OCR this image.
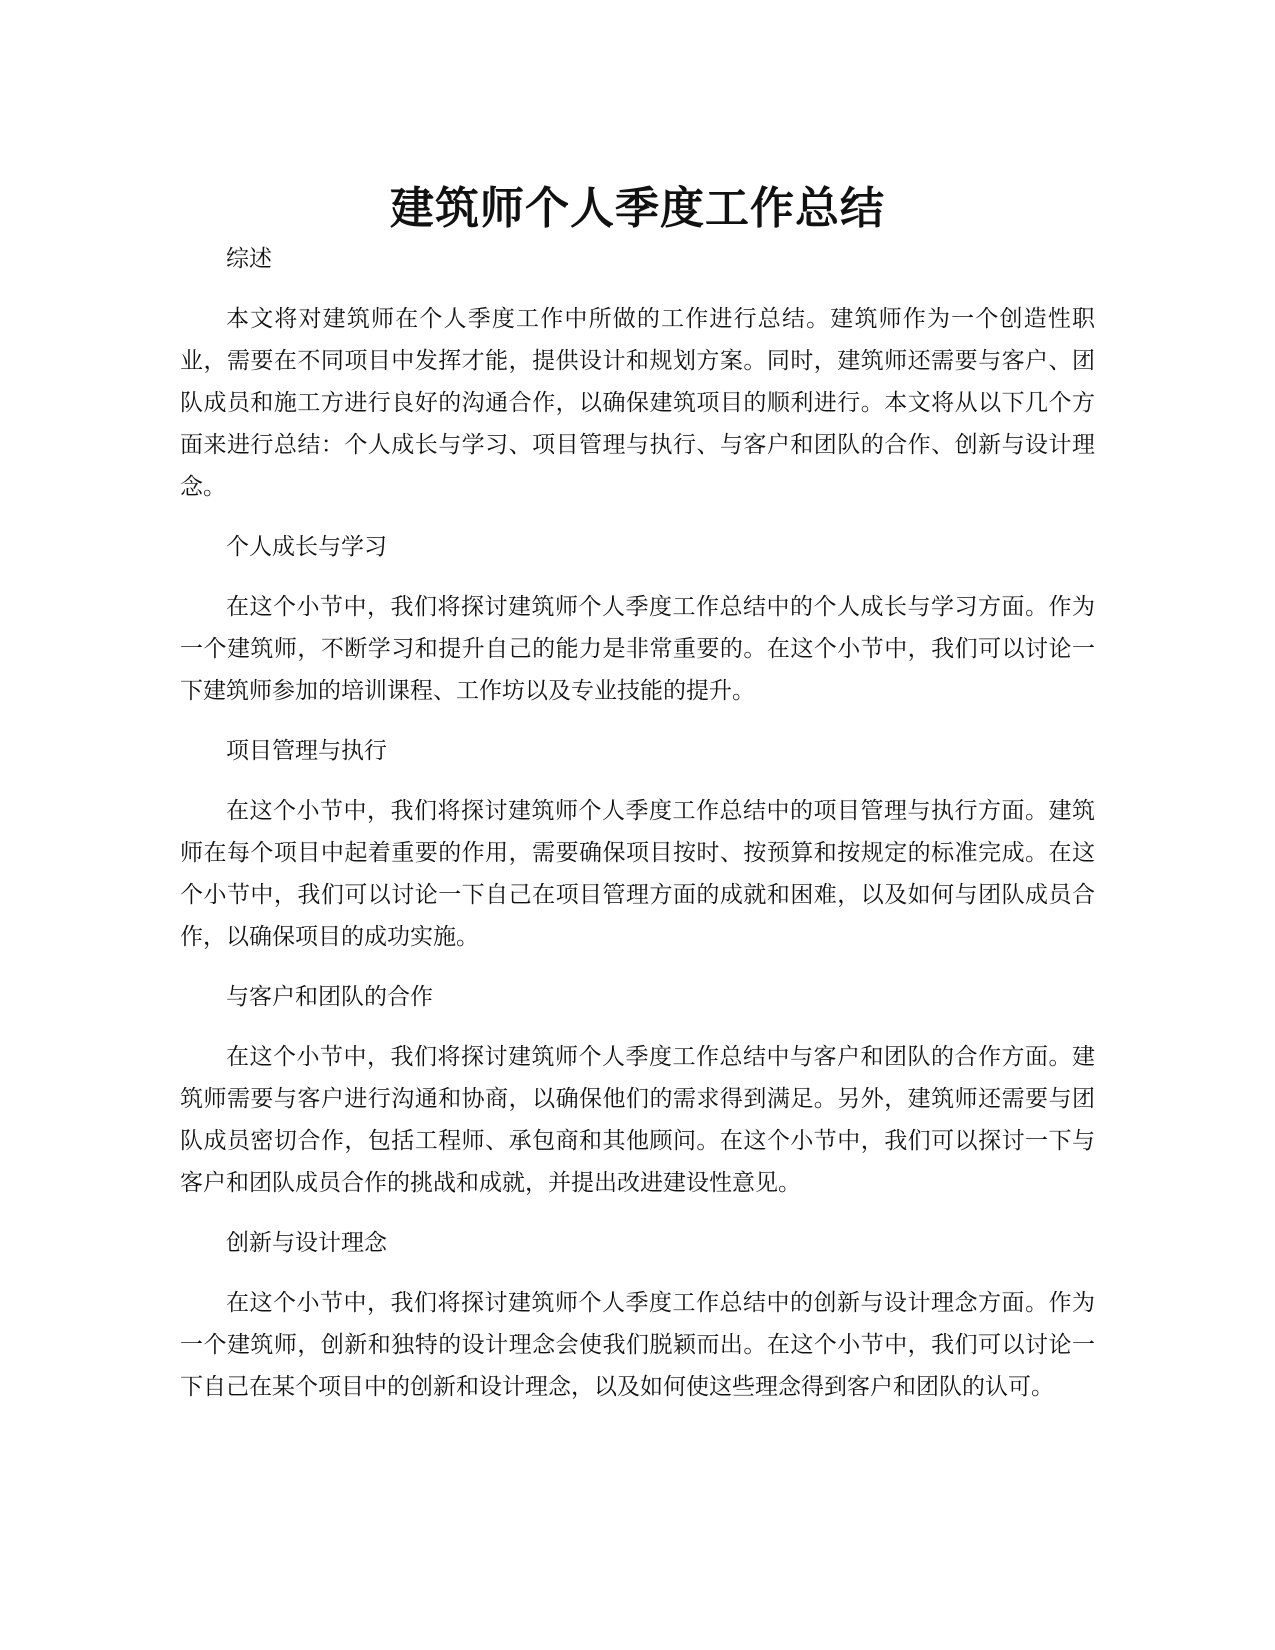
建筑师个人季度工作总结

综述

本文将对建筑师在个人季度工作中所做的工作进行总结。建筑师作为一个创造性职业，需要在不同项目中发挥才能，提供设计和规划方案。同时，建筑师还需要与客户、团队成员和施工方进行良好的沟通合作，以确保建筑项目的顺利进行。本文将从以下几个方面来进行总结：个人成长与学习、项目管理与执行、与客户和团队的合作、创新与设计理念。

个人成长与学习

在这个小节中，我们将探讨建筑师个人季度工作总结中的个人成长与学习方面。作为一个建筑师，不断学习和提升自己的能力是非常重要的。在这个小节中，我们可以讨论一下建筑师参加的培训课程、工作坊以及专业技能的提升。

项目管理与执行

在这个小节中，我们将探讨建筑师个人季度工作总结中的项目管理与执行方面。建筑师在每个项目中起着重要的作用，需要确保项目按时、按预算和按规定的标准完成。在这个小节中，我们可以讨论一下自己在项目管理方面的成就和困难，以及如何与团队成员合作，以确保项目的成功实施。

与客户和团队的合作

在这个小节中，我们将探讨建筑师个人季度工作总结中与客户和团队的合作方面。建筑师需要与客户进行沟通和协商，以确保他们的需求得到满足。另外，建筑师还需要与团队成员密切合作，包括工程师、承包商和其他顾问。在这个小节中，我们可以探讨一下与客户和团队成员合作的挑战和成就，并提出改进建设性意见。

创新与设计理念

在这个小节中，我们将探讨建筑师个人季度工作总结中的创新与设计理念方面。作为一个建筑师，创新和独特的设计理念会使我们脱颖而出。在这个小节中，我们可以讨论一下自己在某个项目中的创新和设计理念，以及如何使这些理念得到客户和团队的认可。
